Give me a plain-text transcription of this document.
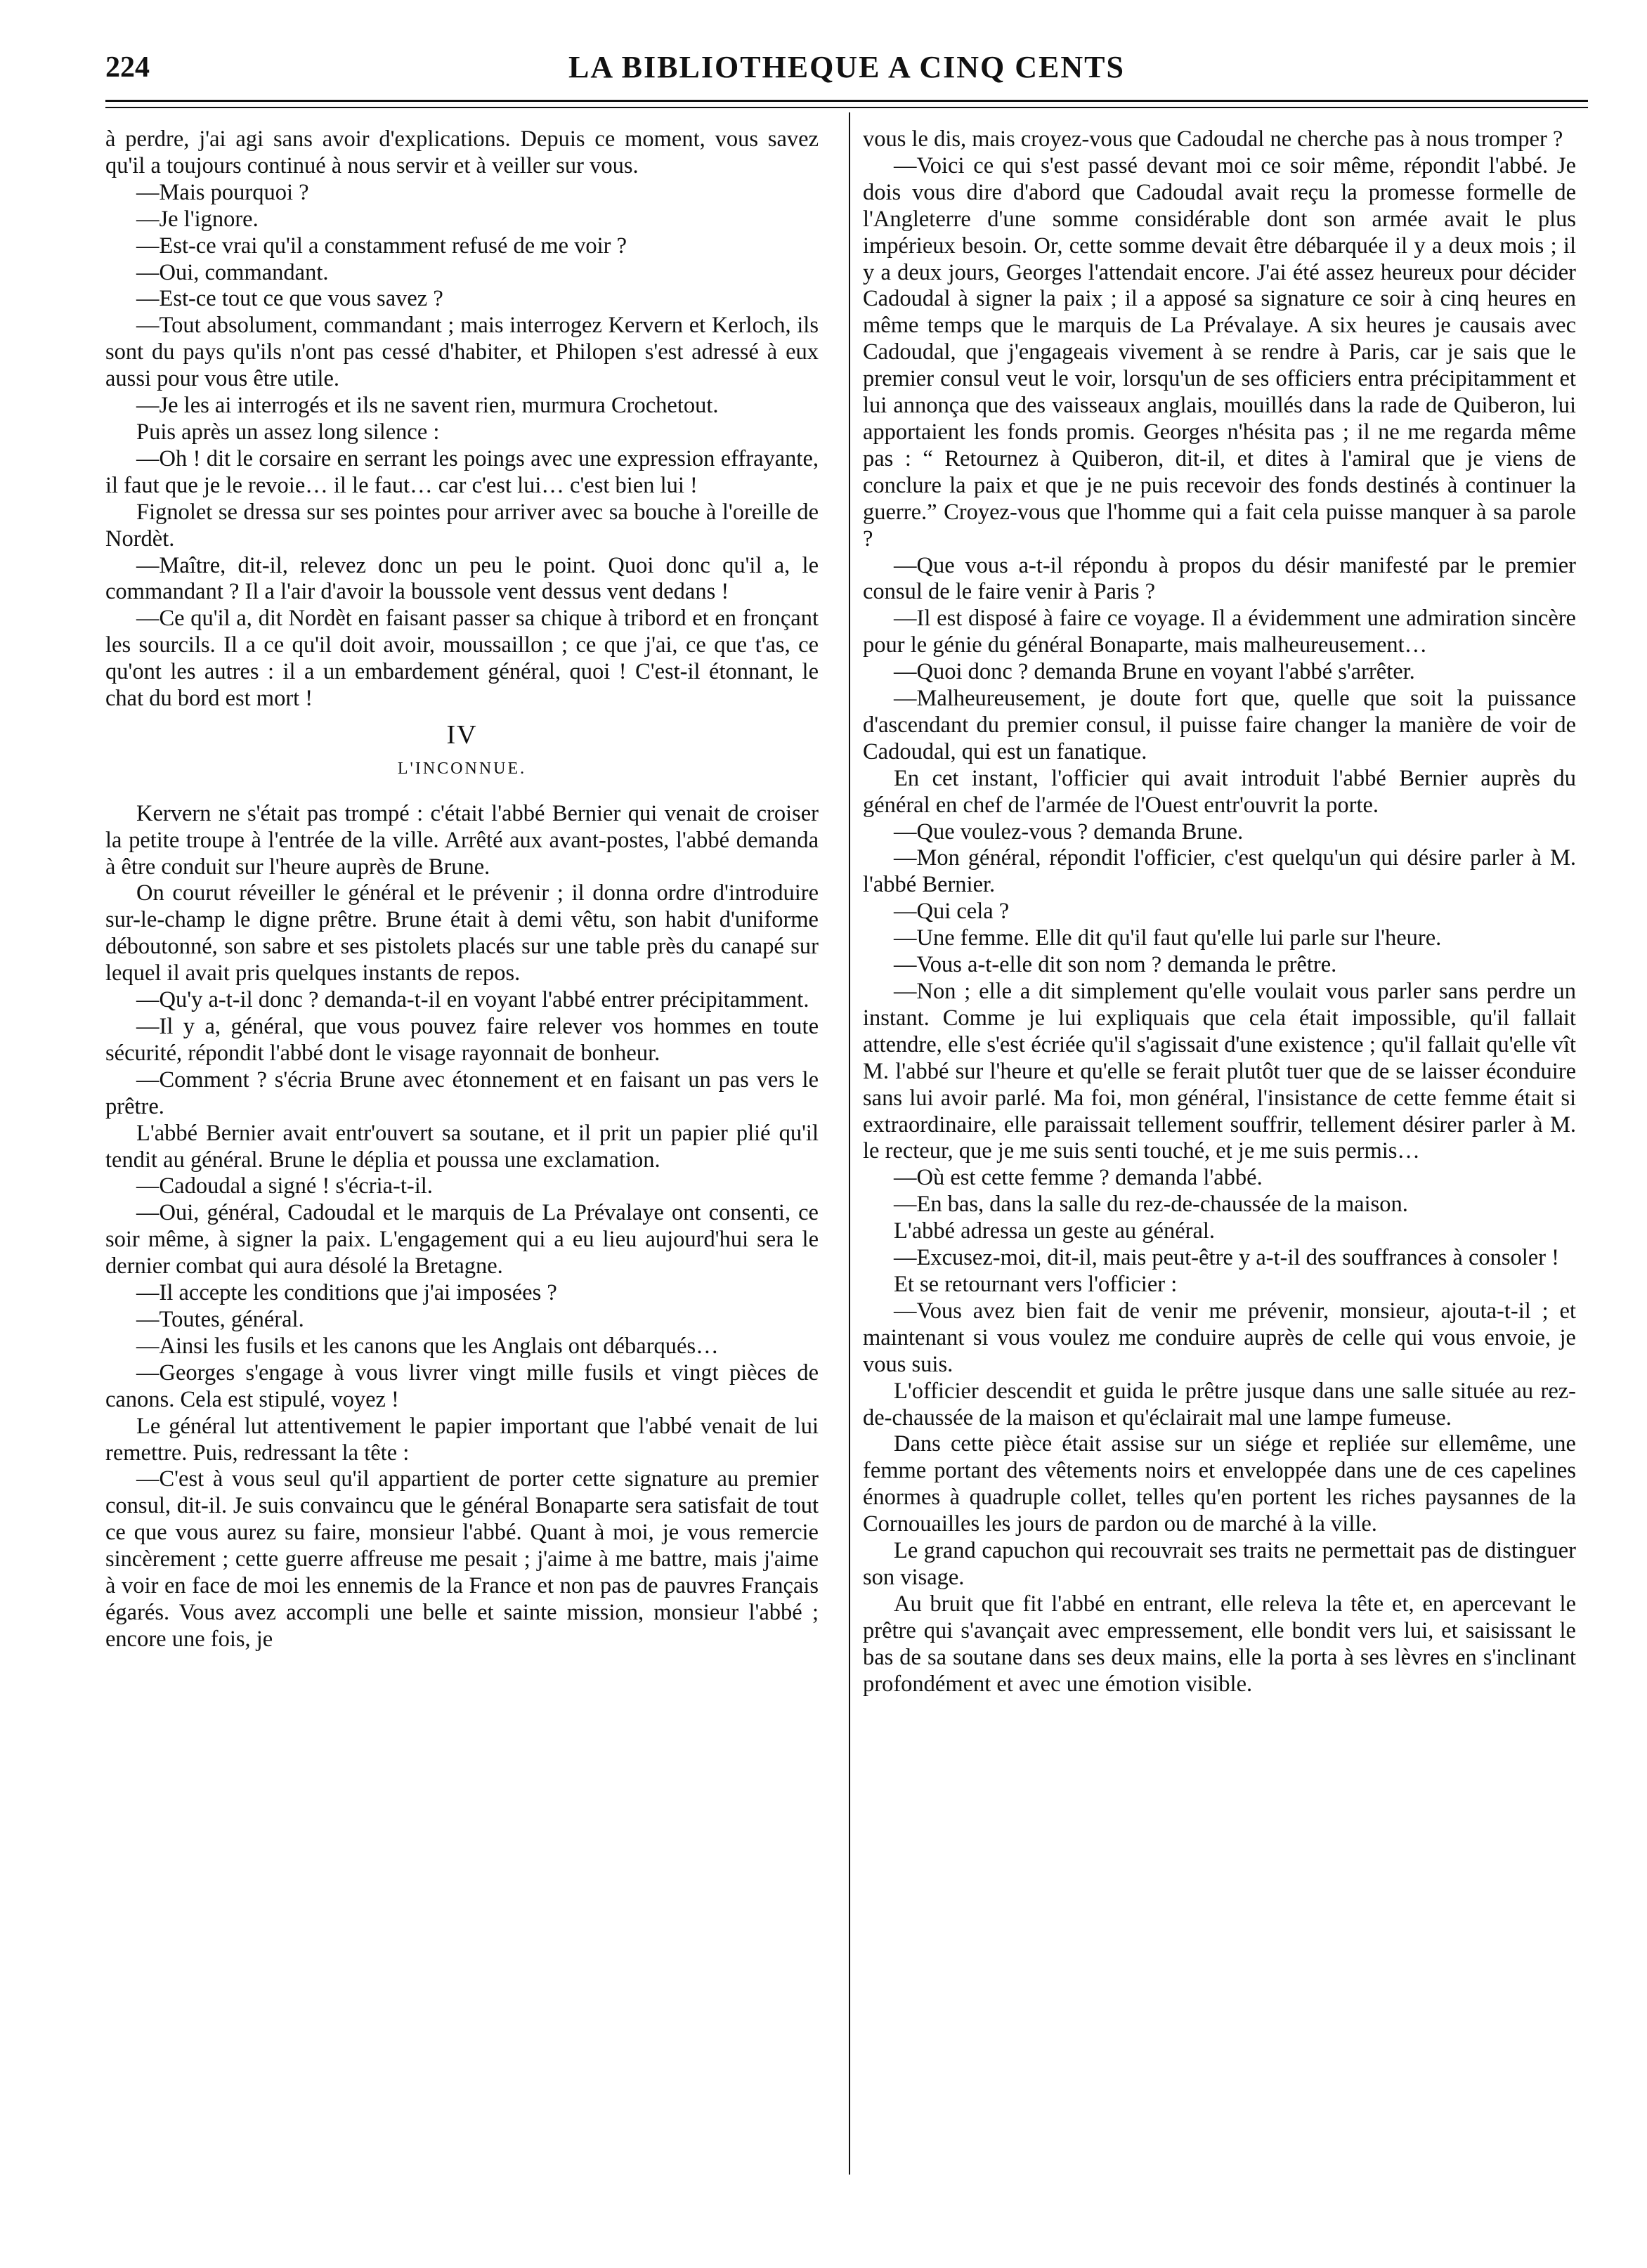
224	LA BIBLIOTHEQUE A CINQ CENTS

à perdre, j'ai agi sans avoir d'explications. Depuis ce moment, vous savez qu'il a toujours continué à nous servir et à veiller sur vous.

—Mais pourquoi ?

—Je l'ignore.

—Est-ce vrai qu'il a constamment refusé de me voir ?

—Oui, commandant.

—Est-ce tout ce que vous savez ?

—Tout absolument, commandant ; mais interrogez Kervern et Kerloch, ils sont du pays qu'ils n'ont pas cessé d'habiter, et Philopen s'est adressé à eux aussi pour vous être utile.

—Je les ai interrogés et ils ne savent rien, murmura Crochetout.

Puis après un assez long silence :

—Oh ! dit le corsaire en serrant les poings avec une expression effrayante, il faut que je le revoie… il le faut… car c'est lui… c'est bien lui !

Fignolet se dressa sur ses pointes pour arriver avec sa bouche à l'oreille de Nordèt.

—Maître, dit-il, relevez donc un peu le point. Quoi donc qu'il a, le commandant ? Il a l'air d'avoir la boussole vent dessus vent dedans !

—Ce qu'il a, dit Nordèt en faisant passer sa chique à tribord et en fronçant les sourcils. Il a ce qu'il doit avoir, moussaillon ; ce que j'ai, ce que t'as, ce qu'ont les autres : il a un embardement général, quoi ! C'est-il étonnant, le chat du bord est mort !

IV

L'INCONNUE.

Kervern ne s'était pas trompé : c'était l'abbé Bernier qui venait de croiser la petite troupe à l'entrée de la ville. Arrêté aux avant-postes, l'abbé demanda à être conduit sur l'heure auprès de Brune.

On courut réveiller le général et le prévenir ; il donna ordre d'introduire sur-le-champ le digne prêtre. Brune était à demi vêtu, son habit d'uniforme déboutonné, son sabre et ses pistolets placés sur une table près du canapé sur lequel il avait pris quelques instants de repos.

—Qu'y a-t-il donc ? demanda-t-il en voyant l'abbé entrer précipitamment.

—Il y a, général, que vous pouvez faire relever vos hommes en toute sécurité, répondit l'abbé dont le visage rayonnait de bonheur.

—Comment ? s'écria Brune avec étonnement et en faisant un pas vers le prêtre.

L'abbé Bernier avait entr'ouvert sa soutane, et il prit un papier plié qu'il tendit au général. Brune le déplia et poussa une exclamation.

—Cadoudal a signé ! s'écria-t-il.

—Oui, général, Cadoudal et le marquis de La Prévalaye ont consenti, ce soir même, à signer la paix. L'engagement qui a eu lieu aujourd'hui sera le dernier combat qui aura désolé la Bretagne.

—Il accepte les conditions que j'ai imposées ?

—Toutes, général.

—Ainsi les fusils et les canons que les Anglais ont débarqués…

—Georges s'engage à vous livrer vingt mille fusils et vingt pièces de canons. Cela est stipulé, voyez !

Le général lut attentivement le papier important que l'abbé venait de lui remettre. Puis, redressant la tête :

—C'est à vous seul qu'il appartient de porter cette signature au premier consul, dit-il. Je suis convaincu que le général Bonaparte sera satisfait de tout ce que vous aurez su faire, monsieur l'abbé. Quant à moi, je vous remercie sincèrement ; cette guerre affreuse me pesait ; j'aime à me battre, mais j'aime à voir en face de moi les ennemis de la France et non pas de pauvres Français égarés. Vous avez accompli une belle et sainte mission, monsieur l'abbé ; encore une fois, je

vous le dis, mais croyez-vous que Cadoudal ne cherche pas à nous tromper ?

—Voici ce qui s'est passé devant moi ce soir même, répondit l'abbé. Je dois vous dire d'abord que Cadoudal avait reçu la promesse formelle de l'Angleterre d'une somme considérable dont son armée avait le plus impérieux besoin. Or, cette somme devait être débarquée il y a deux mois ; il y a deux jours, Georges l'attendait encore. J'ai été assez heureux pour décider Cadoudal à signer la paix ; il a apposé sa signature ce soir à cinq heures en même temps que le marquis de La Prévalaye. A six heures je causais avec Cadoudal, que j'engageais vivement à se rendre à Paris, car je sais que le premier consul veut le voir, lorsqu'un de ses officiers entra précipitamment et lui annonça que des vaisseaux anglais, mouillés dans la rade de Quiberon, lui apportaient les fonds promis. Georges n'hésita pas ; il ne me regarda même pas : “ Retournez à Quiberon, dit-il, et dites à l'amiral que je viens de conclure la paix et que je ne puis recevoir des fonds destinés à continuer la guerre.” Croyez-vous que l'homme qui a fait cela puisse manquer à sa parole ?

—Que vous a-t-il répondu à propos du désir manifesté par le premier consul de le faire venir à Paris ?

—Il est disposé à faire ce voyage. Il a évidemment une admiration sincère pour le génie du général Bonaparte, mais malheureusement…

—Quoi donc ? demanda Brune en voyant l'abbé s'arrêter.

—Malheureusement, je doute fort que, quelle que soit la puissance d'ascendant du premier consul, il puisse faire changer la manière de voir de Cadoudal, qui est un fanatique.

En cet instant, l'officier qui avait introduit l'abbé Bernier auprès du général en chef de l'armée de l'Ouest entr'ouvrit la porte.

—Que voulez-vous ? demanda Brune.

—Mon général, répondit l'officier, c'est quelqu'un qui désire parler à M. l'abbé Bernier.

—Qui cela ?

—Une femme. Elle dit qu'il faut qu'elle lui parle sur l'heure.

—Vous a-t-elle dit son nom ? demanda le prêtre.

—Non ; elle a dit simplement qu'elle voulait vous parler sans perdre un instant. Comme je lui expliquais que cela était impossible, qu'il fallait attendre, elle s'est écriée qu'il s'agissait d'une existence ; qu'il fallait qu'elle vît M. l'abbé sur l'heure et qu'elle se ferait plutôt tuer que de se laisser éconduire sans lui avoir parlé. Ma foi, mon général, l'insistance de cette femme était si extraordinaire, elle paraissait tellement souffrir, tellement désirer parler à M. le recteur, que je me suis senti touché, et je me suis permis…

—Où est cette femme ? demanda l'abbé.

—En bas, dans la salle du rez-de-chaussée de la maison.

L'abbé adressa un geste au général.

—Excusez-moi, dit-il, mais peut-être y a-t-il des souffrances à consoler !

Et se retournant vers l'officier :

—Vous avez bien fait de venir me prévenir, monsieur, ajouta-t-il ; et maintenant si vous voulez me conduire auprès de celle qui vous envoie, je vous suis.

L'officier descendit et guida le prêtre jusque dans une salle située au rez-de-chaussée de la maison et qu'éclairait mal une lampe fumeuse.

Dans cette pièce était assise sur un siége et repliée sur ellemême, une femme portant des vêtements noirs et enveloppée dans une de ces capelines énormes à quadruple collet, telles qu'en portent les riches paysannes de la Cornouailles les jours de pardon ou de marché à la ville.

Le grand capuchon qui recouvrait ses traits ne permettait pas de distinguer son visage.

Au bruit que fit l'abbé en entrant, elle releva la tête et, en apercevant le prêtre qui s'avançait avec empressement, elle bondit vers lui, et saisissant le bas de sa soutane dans ses deux mains, elle la porta à ses lèvres en s'inclinant profondément et avec une émotion visible.
